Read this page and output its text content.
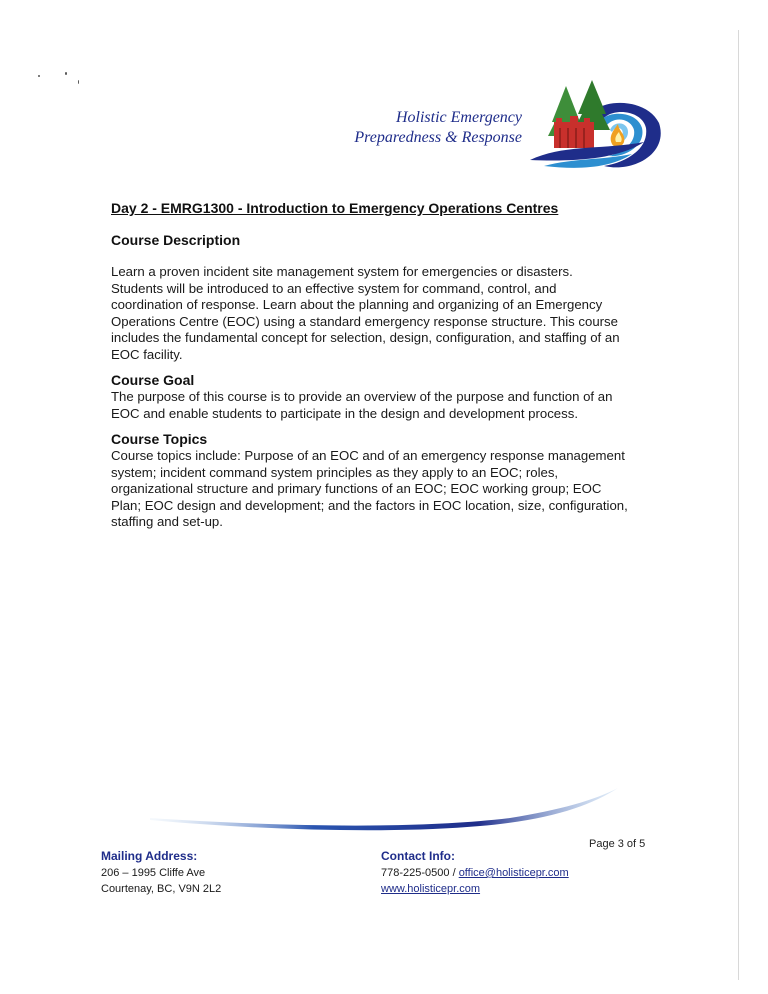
Holistic Emergency
Preparedness & Response
Day 2 - EMRG1300 - Introduction to Emergency Operations Centres
Course Description
Learn a proven incident site management system for emergencies or disasters.
Students will be introduced to an effective system for command, control, and
coordination of response. Learn about the planning and organizing of an Emergency
Operations Centre (EOC) using a standard emergency response structure. This course
includes the fundamental concept for selection, design, configuration, and staffing of an
EOC facility.
Course Goal
The purpose of this course is to provide an overview of the purpose and function of an
EOC and enable students to participate in the design and development process.
Course Topics
Course topics include: Purpose of an EOC and of an emergency response management
system; incident command system principles as they apply to an EOC; roles,
organizational structure and primary functions of an EOC; EOC working group; EOC
Plan; EOC design and development; and the factors in EOC location, size, configuration,
staffing and set-up.
Page 3 of 5
Mailing Address:
206 – 1995 Cliffe Ave
Courtenay, BC, V9N 2L2
Contact Info:
778-225-0500 / office@holisticepr.com
www.holisticepr.com
